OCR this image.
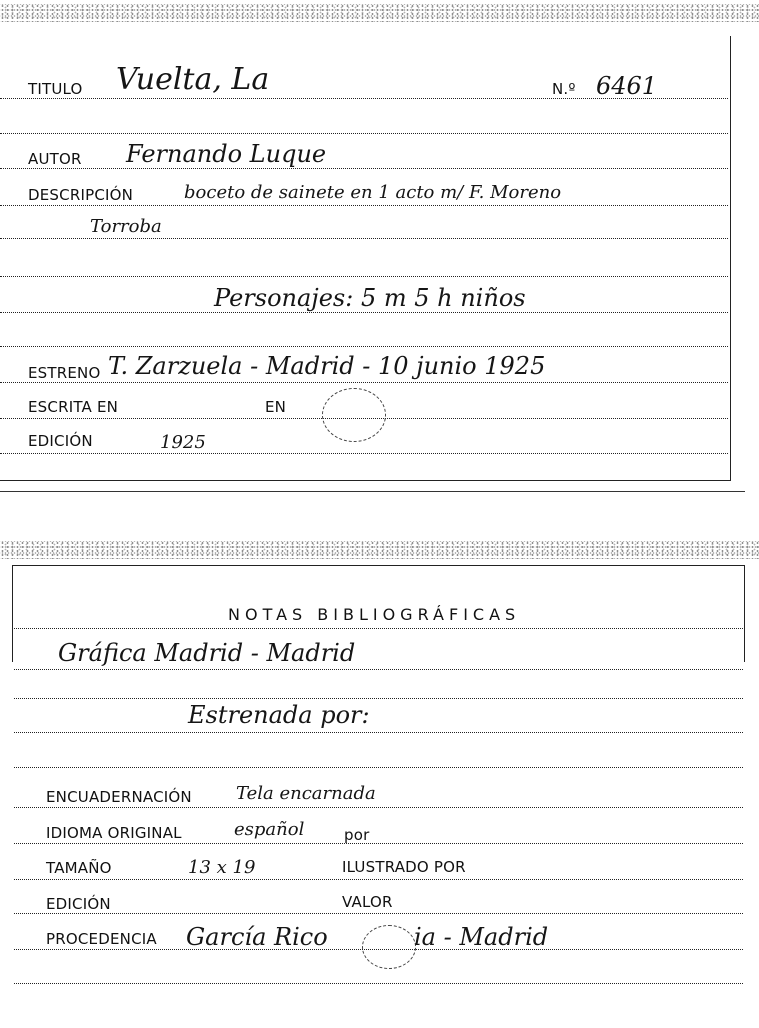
TITULO Vuelta, La	N.º 6461
AUTOR Fernando Luque
DESCRIPCIÓN	boceto de sainete en 1 acto m/ F. Moreno
Torroba
Personajes: 5 m 5 h niños
ESTRENO T. Zarzuela - Madrid - 10 junio 1925
ESCRITA EN	EN
EDICIÓN	1925
NOTAS BIBLIOGRÁFICAS
Gráfica Madrid - Madrid
Estrenada por:
ENCUADERNACIÓN Tela encarnada
IDIOMA ORIGINAL	español	por
TAMAÑO	13 x 19	ILUSTRADO POR
EDICIÓN	VALOR
PROCEDENCIA García Rico	ia - Madrid
